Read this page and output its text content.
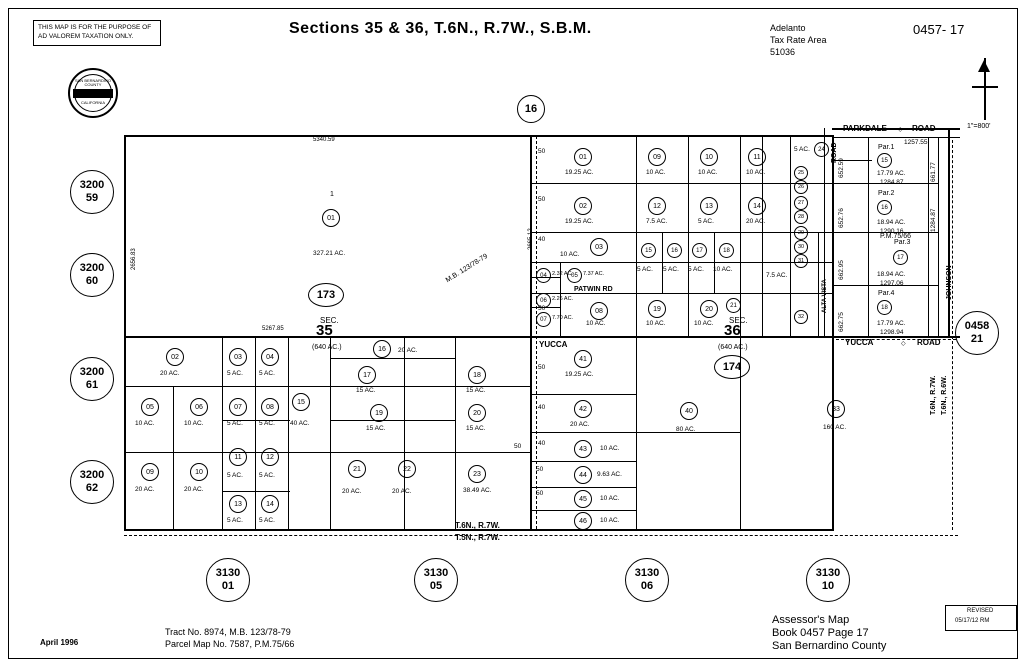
THIS MAP IS FOR THE PURPOSE OF AD VALOREM TAXATION ONLY.
SAN BERNARDINO
COUNTY
CALIFORNIA
Sections 35 & 36, T.6N., R.7W., S.B.M.	Adelanto
Tax Rate Area
51036
0457- 17
1"=800'
3200
59
3200
60
3200
61
3200
62
3130
01
3130
05
3130
06
3130
10
0458
21
16
173
174
SEC.
35
(640 AC.)
SEC.
36
(640 AC.)
5340.59
2656.83
5267.85
2665.12
M.B. 123/78-79
1
01
327.21 AC.
02
20 AC.
03
5 AC.
04
5 AC.
05
10 AC.
06
10 AC.
07
5 AC.
08
5 AC.
09
20 AC.
10
20 AC.
11
5 AC.
12
5 AC.
13
5 AC.
14
5 AC.
15
40 AC.
16 20 AC.
17
15 AC.
18
15 AC.
19
15 AC.
20
15 AC.
21
20 AC.
22
20 AC.
23
38.49 AC.
01
19.25 AC.
02
19.25 AC.
03
10 AC.
04 2.32 AC.
05 7.37 AC.
06 2.26 AC.
07 7.70 AC.
08
10 AC.
09
10 AC.
10
10 AC.
11
10 AC.
12
7.5 AC.
13
5 AC.
14
20 AC.
15
5 AC.
16
5 AC.
17
5 AC.
18
10 AC.
19
10 AC.
20
10 AC.
21
24
5 AC.
25
26
27
28
29
30
31
32
7.5 AC.
33
160 AC.
40
80 AC.
41
19.25 AC.
42
20 AC.
43 10 AC.
44 9.63 AC.
45 10 AC.
46 10 AC.
Par.1
17.79 AC.
1284.87
15
1257.55
Par.2
18.94 AC.
1290.16
16
Par.3
18.94 AC.
1297.06
17
P.M.75/66
Par.4
17.79 AC.
1298.94
18
652.59
652.76
662.95
662.75
661.77
1284.87
PARKDALE	ROAD
◇
YUCCA	YUCCA	ROAD
◇
PATWIN RD
ROAD
JOHNSON
ALTA VISTA
T.6N., R.7W.
T.5N., R.7W.
T.6N., R.7W. T.6N., R.6W.
50
50
40
50
50
40
40
50
50
50
April 1996
Tract No. 8974, M.B. 123/78-79
Parcel Map No. 7587, P.M.75/66
Assessor's Map
Book 0457 Page 17
San Bernardino County
REVISED
05/17/12 RM
